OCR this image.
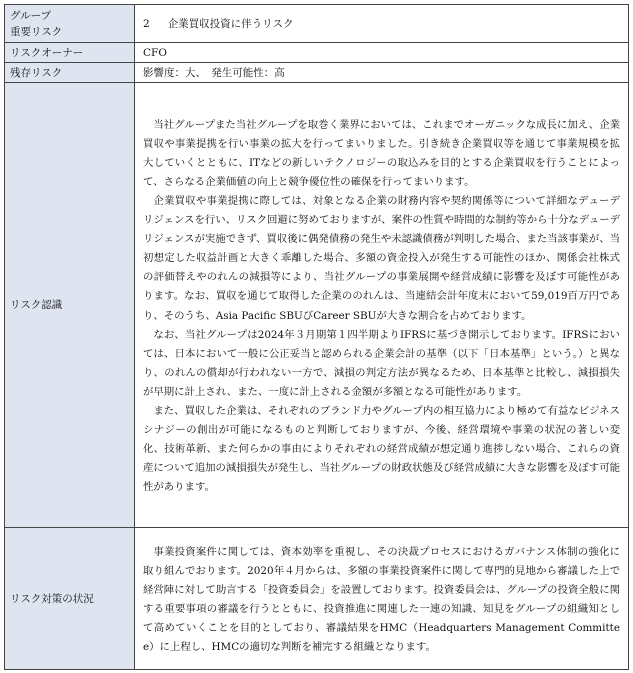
グループ
重要リスク	2 企業買収投資に伴うリスク
リスクオーナー	CFO
残存リスク	影響度：大、　発生可能性：高
リスク認識	当社グループまた当社グループを取巻く業界においては、これまでオーガニックな成長に加え、企業買収や事業提携を行い事業の拡大を行ってまいりました。引き続き企業買収等を通じて事業規模を拡大していくとともに、ITなどの新しいテクノロジーの取込みを目的とする企業買収を行うことによって、さらなる企業価値の向上と競争優位性の確保を行ってまいります。

企業買収や事業提携に際しては、対象となる企業の財務内容や契約関係等について詳細なデューデリジェンスを行い、リスク回避に努めておりますが、案件の性質や時間的な制約等から十分なデューデリジェンスが実施できず、買収後に偶発債務の発生や未認識債務が判明した場合、また当該事業が、当初想定した収益計画と大きく乖離した場合、多額の資金投入が発生する可能性のほか、関係会社株式の評価替えやのれんの減損等により、当社グループの事業展開や経営成績に影響を及ぼす可能性があります。なお、買収を通じて取得した企業ののれんは、当連結会計年度末において59,019百万円であり、そのうち、Asia Pacific SBUびCareer SBUが大きな割合を占めております。

なお、当社グループは2024年３月期第１四半期よりIFRSに基づき開示しております。IFRSにおいては、日本において一般に公正妥当と認められる企業会計の基準（以下「日本基準」という。）と異なり、のれんの償却が行われない一方で、減損の判定方法が異なるため、日本基準と比較し、減損損失が早期に計上され、また、一度に計上される金額が多額となる可能性があります。

また、買収した企業は、それぞれのブランド力やグループ内の相互協力により極めて有益なビジネスシナジーの創出が可能になるものと判断しておりますが、今後、経営環境や事業の状況の著しい変化、技術革新、また何らかの事由によりそれぞれの経営成績が想定通り進捗しない場合、これらの資産について追加の減損損失が発生し、当社グループの財政状態及び経営成績に大きな影響を及ぼす可能性があります。

リスク対策の状況	事業投資案件に関しては、資本効率を重視し、その決裁プロセスにおけるガバナンス体制の強化に取り組んでおります。2020年４月からは、多額の事業投資案件に関して専門的見地から審議した上で経営陣に対して助言する「投資委員会」を設置しております。投資委員会は、グループの投資全般に関する重要事項の審議を行うとともに、投資推進に関連した一連の知識、知見をグループの組織知として高めていくことを目的としており、審議結果をHMC（Headquarters Management Committee）に上程し、HMCの適切な判断を補完する組織となります。
